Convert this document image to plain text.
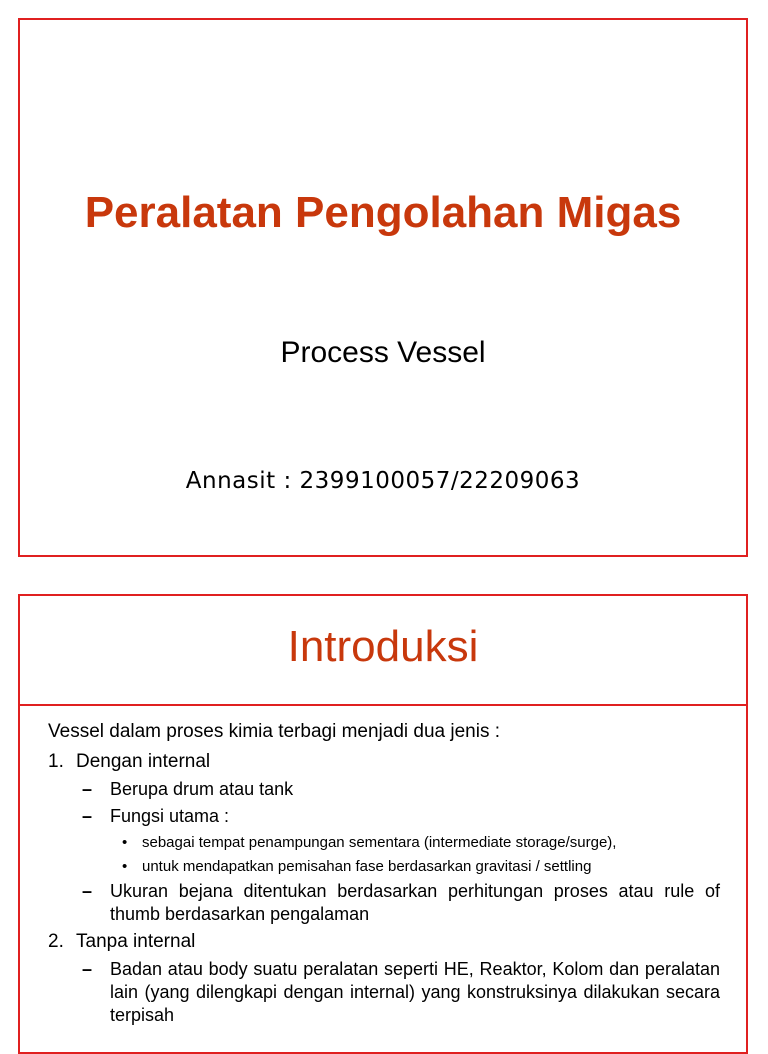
Peralatan Pengolahan Migas
Process Vessel
Annasit : 2399100057/22209063
Introduksi
Vessel dalam proses kimia terbagi menjadi dua jenis :
1. Dengan internal
– Berupa drum atau tank
– Fungsi utama :
• sebagai tempat penampungan sementara (intermediate storage/surge),
• untuk mendapatkan pemisahan fase berdasarkan gravitasi / settling
– Ukuran bejana ditentukan berdasarkan perhitungan proses atau rule of thumb berdasarkan pengalaman
2. Tanpa internal
– Badan atau body suatu peralatan seperti HE, Reaktor, Kolom dan peralatan lain (yang dilengkapi dengan internal) yang konstruksinya dilakukan secara terpisah
